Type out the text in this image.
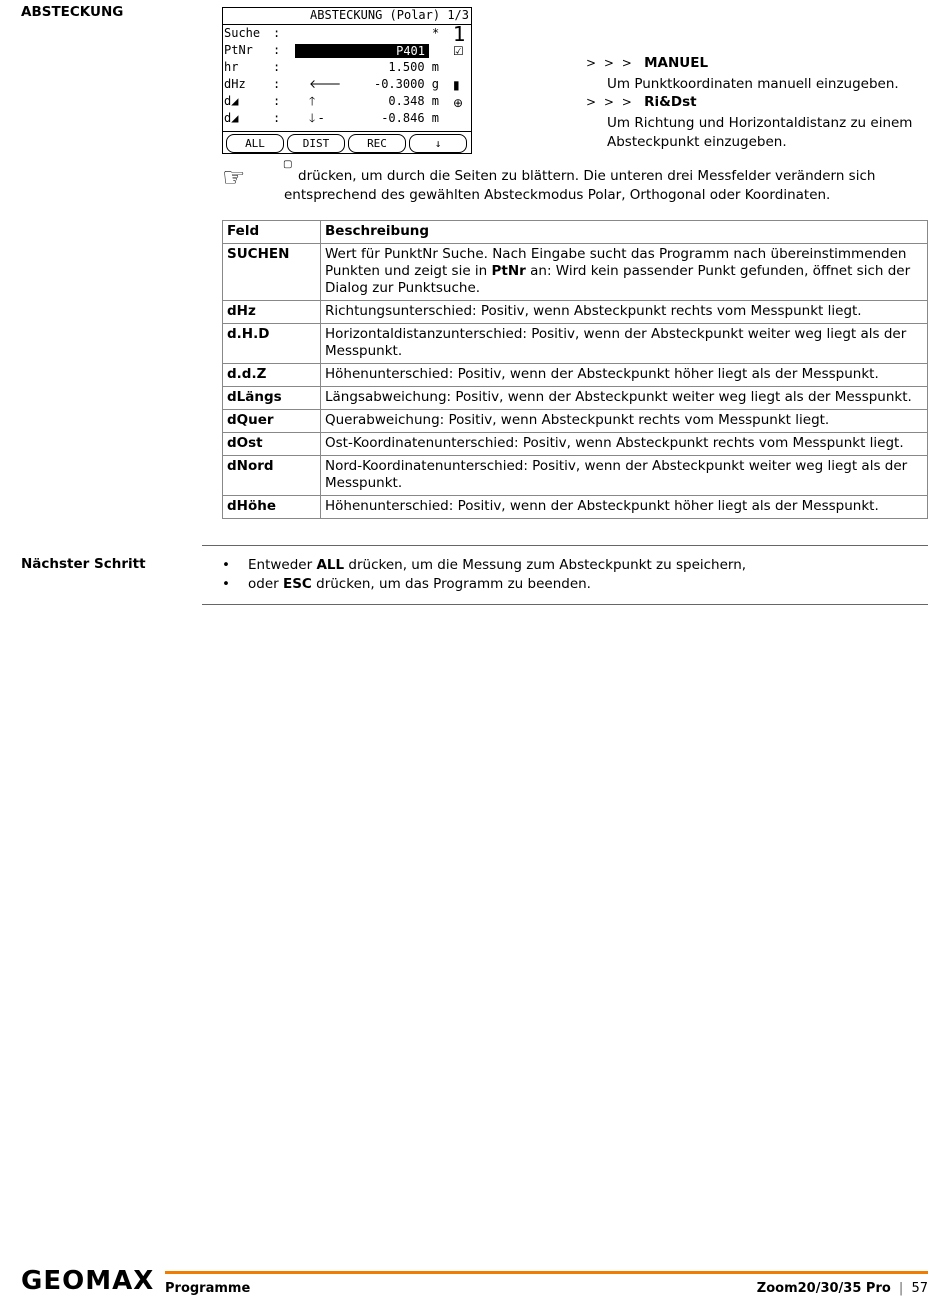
ABSTECKUNG	ABSTECKUNG (Polar) 1/3
* 1
☑
▮
⊕
Suche :
PtNr :	P401
hr	:	1.500 m
dHz : 🡐	-0.3000 g
d◢	: 🡑	0.348 m
d◢	: 🡓 -	-0.846 m
ALL	DIST	REC	↓
> > > MANUEL
Um Punktkoordinaten manuell einzugeben.
> > > Ri&Dst
Um Richtung und Horizontaldistanz zu einem Absteckpunkt einzugeben.
☞	▢
drücken, um durch die Seiten zu blättern. Die unteren drei Messfelder verändern sich entsprechend des gewählten Absteckmodus Polar, Orthogonal oder Koordinaten.
Feld	Beschreibung
SUCHEN	Wert für PunktNr Suche. Nach Eingabe sucht das Programm nach übereinstimmenden Punkten und zeigt sie in PtNr an: Wird kein passender Punkt gefunden, öffnet sich der Dialog zur Punktsuche.
dHz	Richtungsunterschied: Positiv, wenn Absteckpunkt rechts vom Messpunkt liegt.
d.H.D	Horizontaldistanzunterschied: Positiv, wenn der Absteckpunkt weiter weg liegt als der Messpunkt.
d.d.Z	Höhenunterschied: Positiv, wenn der Absteckpunkt höher liegt als der Messpunkt.
dLängs	Längsabweichung: Positiv, wenn der Absteckpunkt weiter weg liegt als der Messpunkt.
dQuer	Querabweichung: Positiv, wenn Absteckpunkt rechts vom Messpunkt liegt.
dOst	Ost-Koordinatenunterschied: Positiv, wenn Absteckpunkt rechts vom Messpunkt liegt.
dNord	Nord-Koordinatenunterschied: Positiv, wenn der Absteckpunkt weiter weg liegt als der Messpunkt.
dHöhe	Höhenunterschied: Positiv, wenn der Absteckpunkt höher liegt als der Messpunkt.
Nächster Schritt	• Entweder ALL drücken, um die Messung zum Absteckpunkt zu speichern,
• oder ESC drücken, um das Programm zu beenden.
GEOMAX Programme	Zoom20/30/35 Pro | 57
